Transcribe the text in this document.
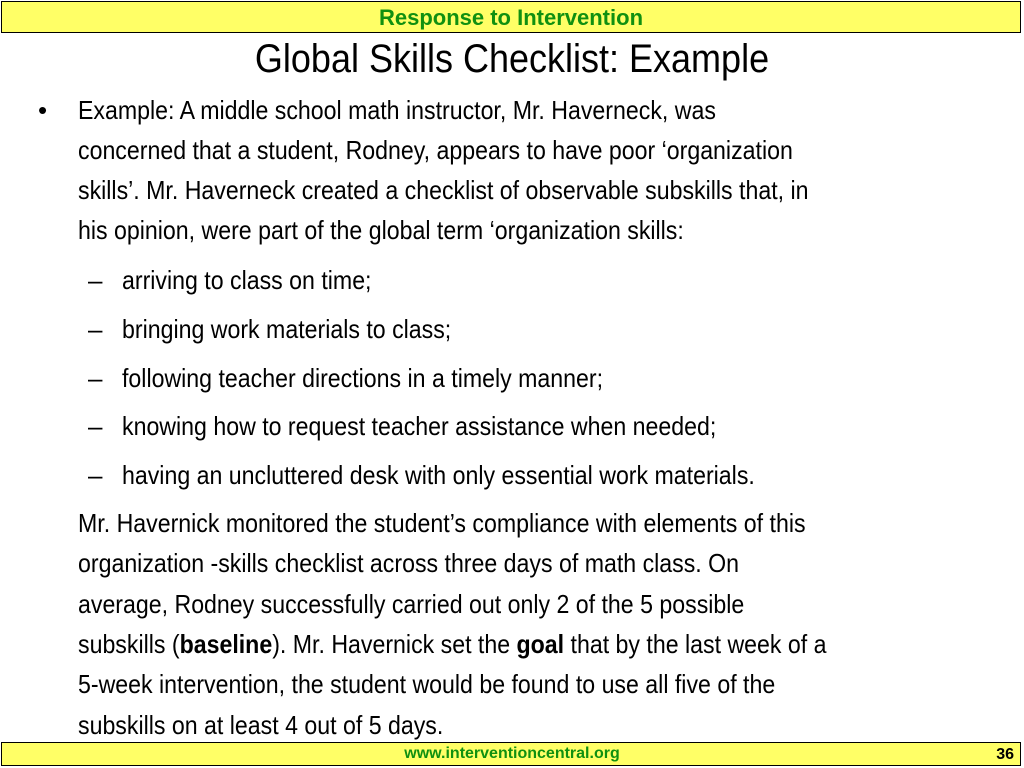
Response to Intervention
Global Skills Checklist: Example
• Example: A middle school math instructor, Mr. Haverneck, was
concerned that a student, Rodney, appears to have poor ‘organization
skills’. Mr. Haverneck created a checklist of observable subskills that, in
his opinion, were part of the global term ‘organization skills:
– arriving to class on time;
– bringing work materials to class;
– following teacher directions in a timely manner;
– knowing how to request teacher assistance when needed;
– having an uncluttered desk with only essential work materials.
Mr. Havernick monitored the student’s compliance with elements of this
organization -skills checklist across three days of math class. On
average, Rodney successfully carried out only 2 of the 5 possible
subskills (baseline). Mr. Havernick set the goal that by the last week of a
5-week intervention, the student would be found to use all five of the
subskills on at least 4 out of 5 days.
www.interventioncentral.org	36
